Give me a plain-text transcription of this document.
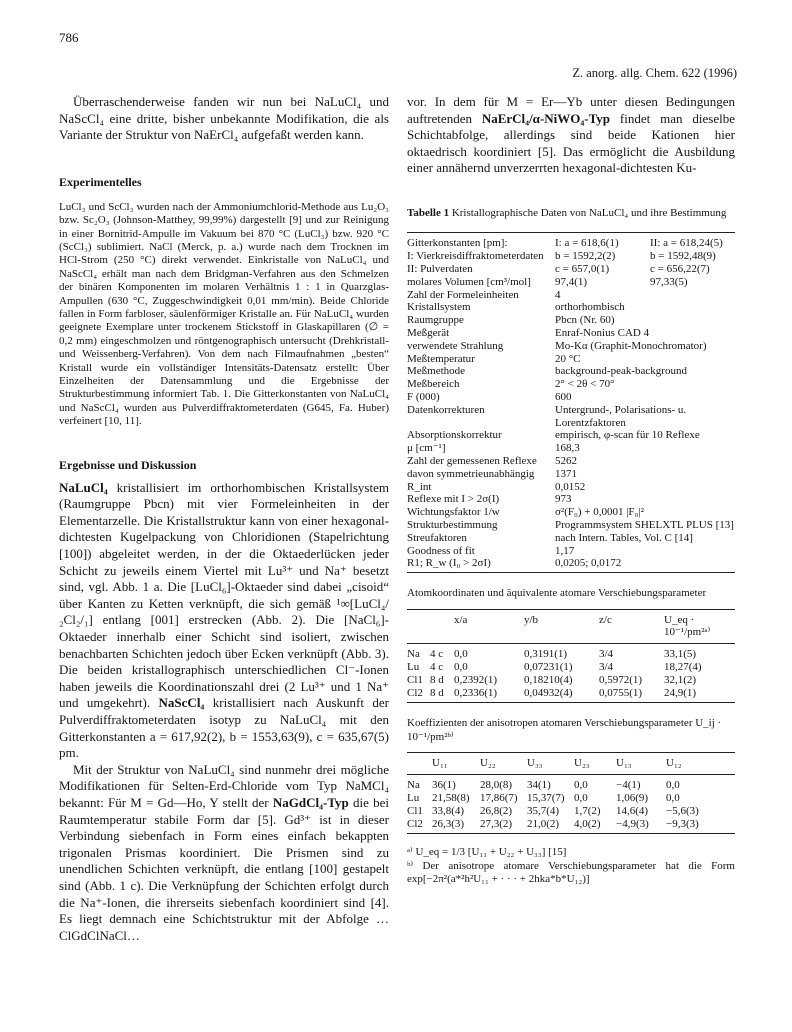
786
Z. anorg. allg. Chem. 622 (1996)

Überraschenderweise fanden wir nun bei NaLuCl₄ und NaScCl₄ eine dritte, bisher unbekannte Modifikation, die als Variante der Struktur von NaErCl₄ aufgefaßt werden kann.

Experimentelles

LuCl₃ und ScCl₃ wurden nach der Ammoniumchlorid-Methode aus Lu₂O₃ bzw. Sc₂O₃ (Johnson-Matthey, 99,99%) dargestellt [9] und zur Reinigung in einer Bornitrid-Ampulle im Vakuum bei 870 °C (LuCl₃) bzw. 920 °C (ScCl₃) sublimiert. NaCl (Merck, p. a.) wurde nach dem Trocknen im HCl-Strom (250 °C) direkt verwendet. Einkristalle von NaLuCl₄ und NaScCl₄ erhält man nach dem Bridgman-Verfahren aus den Schmelzen der binären Komponenten im molaren Verhältnis 1 : 1 in Quarzglas-Ampullen (630 °C, Zuggeschwindigkeit 0,01 mm/min). Beide Chloride fallen in Form farbloser, säulenförmiger Kristalle an. Für NaLuCl₄ wurden geeignete Exemplare unter trockenem Stickstoff in Glaskapillaren (∅ = 0,2 mm) eingeschmolzen und röntgenographisch untersucht (Drehkristall- und Weissenberg-Verfahren). Von dem nach Filmaufnahmen „besten“ Kristall wurde ein vollständiger Intensitäts-Datensatz erstellt: Über Einzelheiten der Datensammlung und die Ergebnisse der Strukturbestimmung informiert Tab. 1. Die Gitterkonstanten von NaLuCl₄ und NaScCl₄ wurden aus Pulverdiffraktometerdaten (G645, Fa. Huber) verfeinert [10, 11].

Ergebnisse und Diskussion

NaLuCl₄ kristallisiert im orthorhombischen Kristallsystem (Raumgruppe Pbcn) mit vier Formeleinheiten in der Elementarzelle. Die Kristallstruktur kann von einer hexagonal-dichtesten Kugelpackung von Chloridionen (Stapelrichtung [100]) abgeleitet werden, in der die Oktaederlücken jeder Schicht zu jeweils einem Viertel mit Lu³⁺ und Na⁺ besetzt sind, vgl. Abb. 1 a. Die [LuCl₆]-Oktaeder sind dabei „cisoid“ über Kanten zu Ketten verknüpft, die sich gemäß ¹∞[LuCl₄/₂Cl₂/₁] entlang [001] erstrecken (Abb. 2). Die [NaCl₆]-Oktaeder innerhalb einer Schicht sind isoliert, zwischen benachbarten Schichten jedoch über Ecken verknüpft (Abb. 3). Die beiden kristallographisch unterschiedlichen Cl⁻-Ionen haben jeweils die Koordinationszahl drei (2 Lu³⁺ und 1 Na⁺ und umgekehrt). NaScCl₄ kristallisiert nach Auskunft der Pulverdiffraktometerdaten isotyp zu NaLuCl₄ mit den Gitterkonstanten a = 617,92(2), b = 1553,63(9), c = 635,67(5) pm.

Mit der Struktur von NaLuCl₄ sind nunmehr drei mögliche Modifikationen für Selten-Erd-Chloride vom Typ NaMCl₄ bekannt: Für M = Gd—Ho, Y stellt der NaGdCl₄-Typ die bei Raumtemperatur stabile Form dar [5]. Gd³⁺ ist in dieser Verbindung siebenfach in Form eines einfach bekappten trigonalen Prismas koordiniert. Die Prismen sind zu unendlichen Schichten verknüpft, die entlang [100] gestapelt sind (Abb. 1 c). Die Verknüpfung der Schichten erfolgt durch die Na⁺-Ionen, die ihrerseits siebenfach koordiniert sind [4]. Es liegt demnach eine Schichtstruktur mit der Abfolge …ClGdClNaCl…

vor. In dem für M = Er—Yb unter diesen Bedingungen auftretenden NaErCl₄/α-NiWO₄-Typ findet man dieselbe Schichtabfolge, allerdings sind beide Kationen hier oktaedrisch koordiniert [5]. Das ermöglicht die Ausbildung einer annähernd unverzerrten hexagonal-dichtesten Ku-

Tabelle 1 Kristallographische Daten von NaLuCl₄ und ihre Bestimmung

Gitterkonstanten [pm]:	I: a = 618,6(1)	II: a = 618,24(5)
I: Vierkreisdiffraktometerdaten	b = 1592,2(2)	b = 1592,48(9)
II: Pulverdaten	c = 657,0(1)	c = 656,22(7)
molares Volumen [cm³/mol]	97,4(1)	97,33(5)
Zahl der Formeleinheiten	4	
Kristallsystem	orthorhombisch	
Raumgruppe	Pbcn (Nr. 60)	
Meßgerät	Enraf-Nonius CAD 4	
verwendete Strahlung	Mo-Kα (Graphit-Monochromator)	
Meßtemperatur	20 °C	
Meßmethode	background-peak-background	
Meßbereich	2° < 2θ < 70°	
F (000)	600	
Datenkorrekturen	Untergrund-, Polarisations- u. Lorentzfaktoren	
Absorptionskorrektur	empirisch, φ-scan für 10 Reflexe	
μ [cm⁻¹]	168,3	
Zahl der gemessenen Reflexe	5262	
davon symmetrieunabhängig	1371	
R_int	0,0152	
Reflexe mit I > 2σ(I)	973	
Wichtungsfaktor 1/w	σ²(F₀) + 0,0001 |F₀|²	
Strukturbestimmung	Programmsystem SHELXTL PLUS [13]	
Streufaktoren	nach Intern. Tables, Vol. C [14]	
Goodness of fit	1,17	
R1; R_w (I₀ > 2σI)	0,0205; 0,0172	

Atomkoordinaten und äquivalente atomare Verschiebungsparameter

		x/a	y/b	z/c	U_eq · 10⁻¹/pm²ᵃ⁾
Na	4 c	0,0	0,3191(1)	3/4	33,1(5)
Lu	4 c	0,0	0,07231(1)	3/4	18,27(4)
Cl1	8 d	0,2392(1)	0,18210(4)	0,5972(1)	32,1(2)
Cl2	8 d	0,2336(1)	0,04932(4)	0,0755(1)	24,9(1)

Koeffizienten der anisotropen atomaren Verschiebungsparameter U_ij · 10⁻¹/pm²ᵇ⁾

	U₁₁	U₂₂	U₃₃	U₂₃	U₁₃	U₁₂
Na	36(1)	28,0(8)	34(1)	0,0	−4(1)	0,0
Lu	21,58(8)	17,86(7)	15,37(7)	0,0	1,06(9)	0,0
Cl1	33,8(4)	26,8(2)	35,7(4)	1,7(2)	14,6(4)	−5,6(3)
Cl2	26,3(3)	27,3(2)	21,0(2)	4,0(2)	−4,9(3)	−9,3(3)

ᵃ⁾ U_eq = 1/3 [U₁₁ + U₂₂ + U₃₃] [15]

ᵇ⁾ Der anisotrope atomare Verschiebungsparameter hat die Form exp[−2π²(a*²h²U₁₁ + · · · + 2hka*b*U₁₂)]
